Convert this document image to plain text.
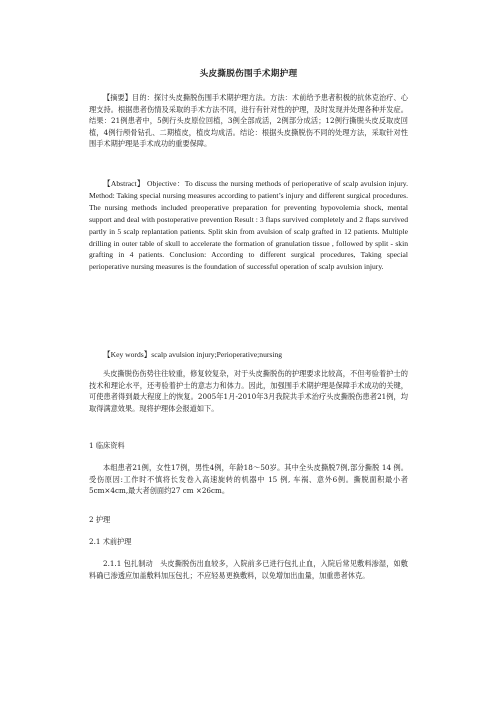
头皮撕脱伤围手术期护理

【摘要】目的：探讨头皮撕脱伤围手术期护理方法。方法：术前给予患者积极的抗休克治疗、心理支持。根据患者伤情及采取的手术方法不同，进行有针对性的护理，及时发现并处理各种并发症。结果：21例患者中，5例行头皮原位回植，3例全部成活，2例部分成活；12例行撕脱头皮反取皮回植，4例行颅骨钻孔、二期植皮，植皮均成活。结论：根据头皮撕脱伤不同的处理方法，采取针对性围手术期护理是手术成功的重要保障。

【Abstract】 Objective：To discuss the nursing methods of perioperative of scalp avulsion injury. Method: Taking special nursing measures according to patient’s injury and different surgical procedures. The nursing methods included preoperative preparation for preventing hypovolemia shock, mental support and deal with postoperative prevention Result : 3 flaps survived completely and 2 flaps survived partly in 5 scalp replantation patients. Split skin from avulsion of scalp grafted in 12 patients. Multiple drilling in outer table of skull to accelerate the formation of granulation tissue , followed by split - skin grafting in 4 patients. Conclusion: According to different surgical procedures, Taking special perioperative nursing measures is the foundation of successful operation of scalp avulsion injury.

【Key words】scalp avulsion injury;Perioperative;nursing

头皮撕脱伤伤势往往较重，修复较复杂，对于头皮撕脱伤的护理要求比较高，不但考验着护士的技术和理论水平，还考验着护士的意志力和体力。因此，加强围手术期护理是保障手术成功的关键，可使患者得到最大程度上的恢复。2005年1月-2010年3月我院共手术治疗头皮撕脱伤患者21例，均取得满意效果。现将护理体会报道如下。

1 临床资料

本组患者21例，女性17例，男性4例，年龄18～50岁。其中全头皮撕脱7例,部分撕脱 14 例。受伤原因:工作时不慎将长发卷入高速旋转的机器中 15 例, 车祸、意外6例。撕脱面积最小者5cm×4cm,最大者创面约27 cm ×26cm。

2 护理
2.1 术前护理

2.1.1 包扎制动　头皮撕脱伤出血较多，入院前多已进行包扎止血，入院后常见敷料渗湿，如敷料确已渗透应加盖敷料加压包扎；不应轻易更换敷料，以免增加出血量，加重患者休克。
